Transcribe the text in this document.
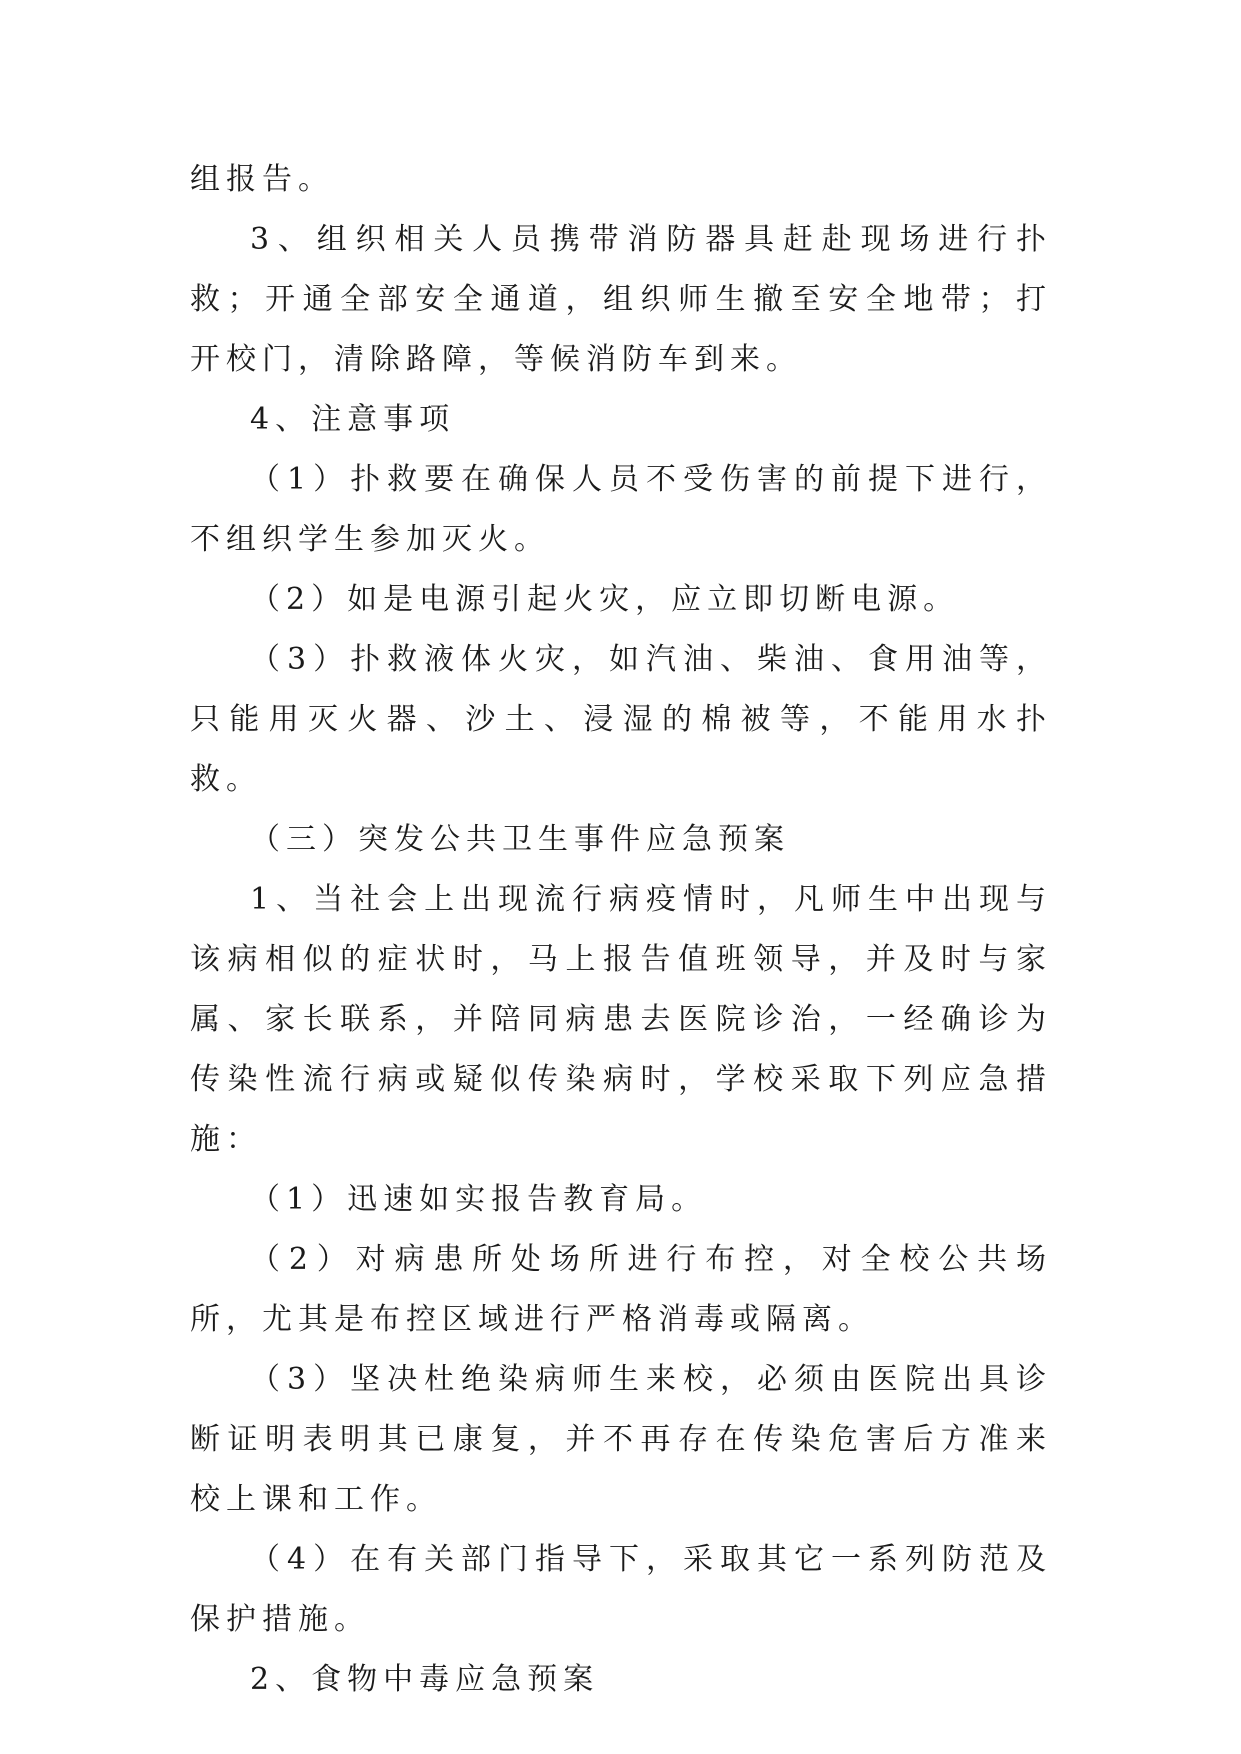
组报告。

3、组织相关人员携带消防器具赶赴现场进行扑救；开通全部安全通道，组织师生撤至安全地带；打开校门，清除路障，等候消防车到来。

4、注意事项

（1）扑救要在确保人员不受伤害的前提下进行，不组织学生参加灭火。

（2）如是电源引起火灾，应立即切断电源。

（3）扑救液体火灾，如汽油、柴油、食用油等，只能用灭火器、沙土、浸湿的棉被等，不能用水扑救。

（三）突发公共卫生事件应急预案

1、当社会上出现流行病疫情时，凡师生中出现与该病相似的症状时，马上报告值班领导，并及时与家属、家长联系，并陪同病患去医院诊治，一经确诊为传染性流行病或疑似传染病时，学校采取下列应急措施：

（1）迅速如实报告教育局。

（2）对病患所处场所进行布控，对全校公共场所，尤其是布控区域进行严格消毒或隔离。

（3）坚决杜绝染病师生来校，必须由医院出具诊断证明表明其已康复，并不再存在传染危害后方准来校上课和工作。

（4）在有关部门指导下，采取其它一系列防范及保护措施。

2、食物中毒应急预案
